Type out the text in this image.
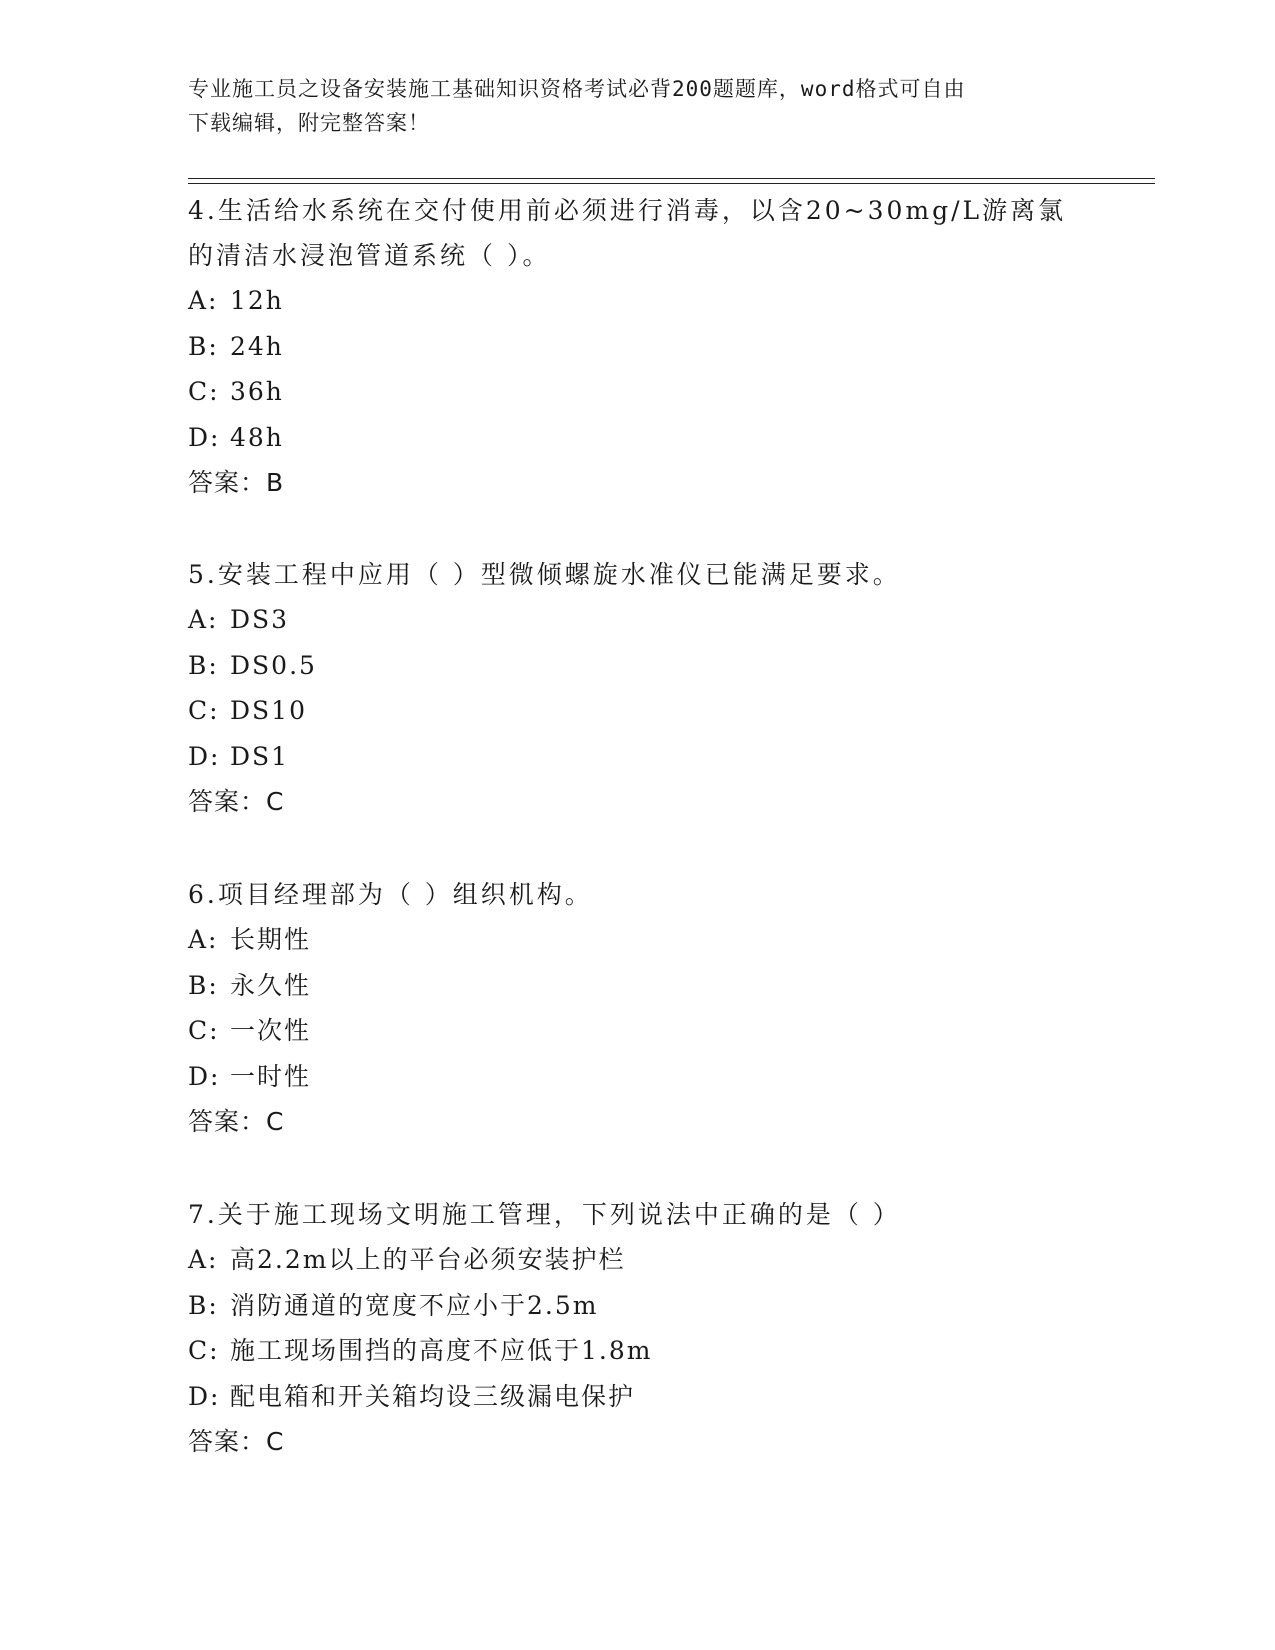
专业施工员之设备安装施工基础知识资格考试必背200题题库，word格式可自由
下载编辑，附完整答案！

4.生活给水系统在交付使用前必须进行消毒，以含20~30mg/L游离氯
的清洁水浸泡管道系统（ ）。

A: 12h

B: 24h

C: 36h

D: 48h

答案：B

5.安装工程中应用（ ）型微倾螺旋水准仪已能满足要求。

A: DS3

B: DS0.5

C: DS10

D: DS1

答案：C

6.项目经理部为（ ）组织机构。

A: 长期性

B: 永久性

C: 一次性

D: 一时性

答案：C

7.关于施工现场文明施工管理，下列说法中正确的是（ ）

A: 高2.2m以上的平台必须安装护栏

B: 消防通道的宽度不应小于2.5m

C: 施工现场围挡的高度不应低于1.8m

D: 配电箱和开关箱均设三级漏电保护

答案：C
